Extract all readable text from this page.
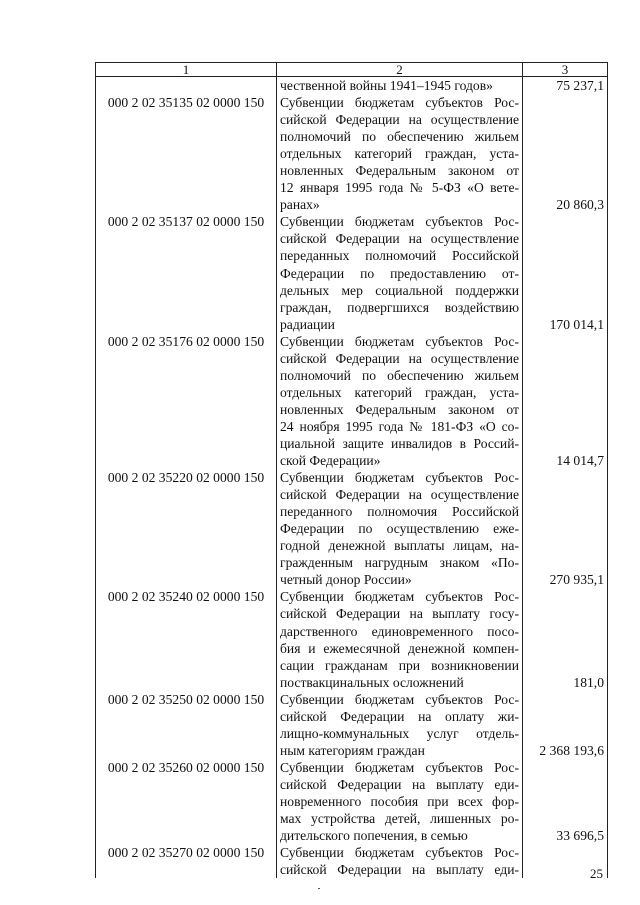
1	2	3

	чественной войны 1941–1945 годов»	75 237,1
000 2 02 35135 02 0000 150	Субвенции бюджетам субъектов Рос-	

	сийской Федерации на осуществление	

	полномочий по обеспечению жильем	

	отдельных категорий граждан, уста-	

	новленных Федеральным законом от	

	12 января 1995 года № 5-ФЗ «О вете-	

	ранах»	20 860,3
000 2 02 35137 02 0000 150	Субвенции бюджетам субъектов Рос-	

	сийской Федерации на осуществление	

	переданных полномочий Российской	

	Федерации по предоставлению от-	

	дельных мер социальной поддержки	

	граждан, подвергшихся воздействию	

	радиации	170 014,1
000 2 02 35176 02 0000 150	Субвенции бюджетам субъектов Рос-	

	сийской Федерации на осуществление	

	полномочий по обеспечению жильем	

	отдельных категорий граждан, уста-	

	новленных Федеральным законом от	

	24 ноября 1995 года № 181-ФЗ «О со-	

	циальной защите инвалидов в Россий-	

	ской Федерации»	14 014,7
000 2 02 35220 02 0000 150	Субвенции бюджетам субъектов Рос-	

	сийской Федерации на осуществление	

	переданного полномочия Российской	

	Федерации по осуществлению еже-	

	годной денежной выплаты лицам, на-	

	гражденным нагрудным знаком «По-	

	четный донор России»	270 935,1
000 2 02 35240 02 0000 150	Субвенции бюджетам субъектов Рос-	

	сийской Федерации на выплату госу-	

	дарственного единовременного посо-	

	бия и ежемесячной денежной компен-	

	сации гражданам при возникновении	

	поствакцинальных осложнений	181,0
000 2 02 35250 02 0000 150	Субвенции бюджетам субъектов Рос-	

	сийской Федерации на оплату жи-	

	лищно-коммунальных услуг отдель-	

	ным категориям граждан	2 368 193,6
000 2 02 35260 02 0000 150	Субвенции бюджетам субъектов Рос-	

	сийской Федерации на выплату еди-	

	новременного пособия при всех фор-	

	мах устройства детей, лишенных ро-	

	дительского попечения, в семью	33 696,5
000 2 02 35270 02 0000 150	Субвенции бюджетам субъектов Рос-	

	сийской Федерации на выплату еди-	
		25
